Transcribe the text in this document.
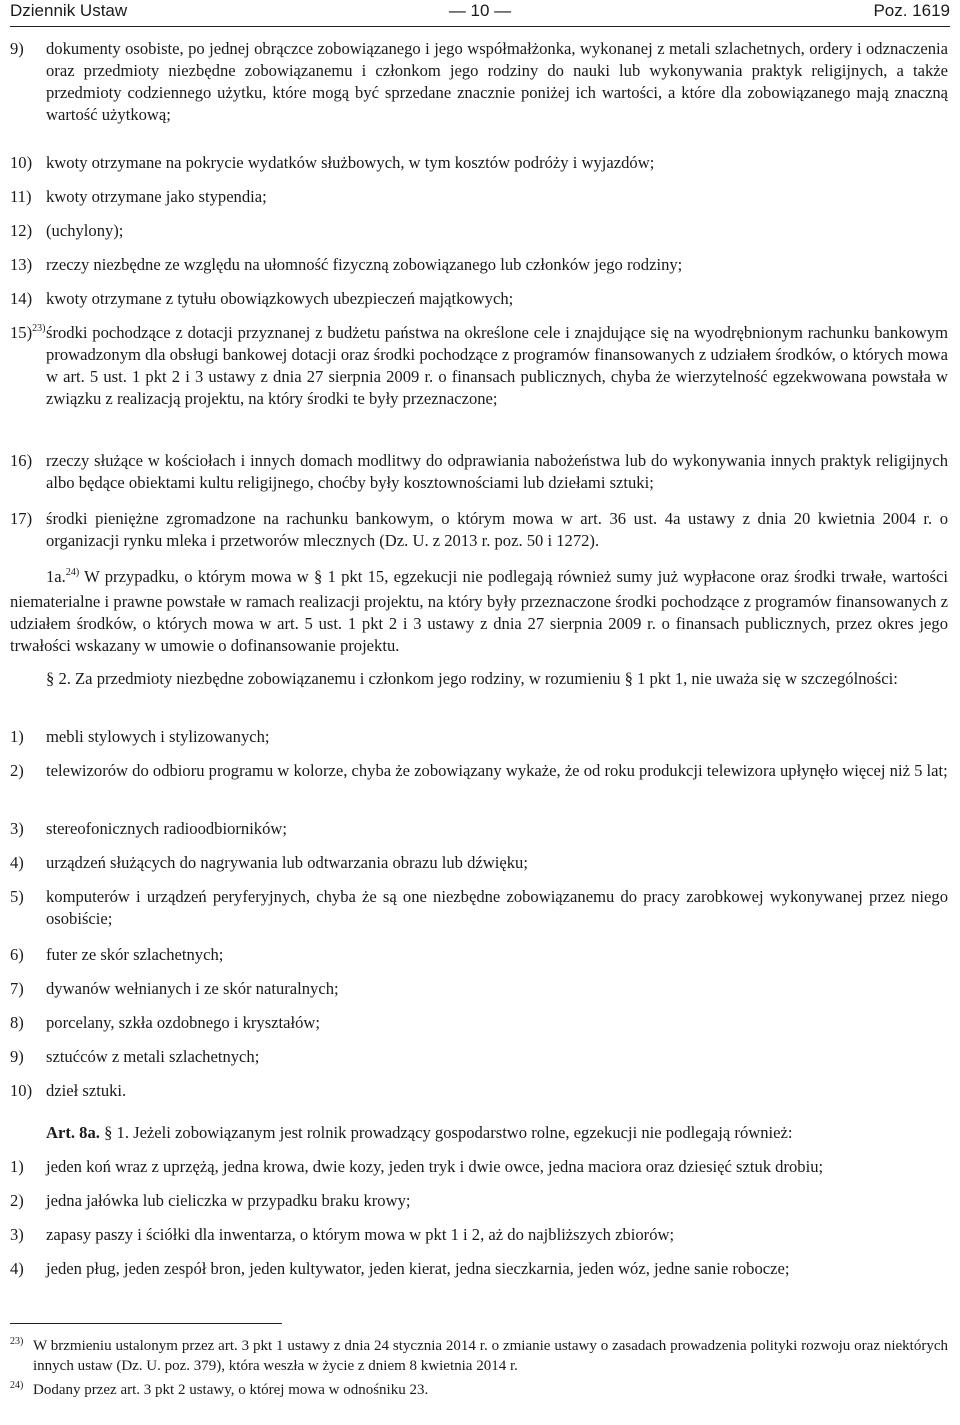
Dziennik Ustaw	— 10 —	Poz. 1619
9) dokumenty osobiste, po jednej obrączce zobowiązanego i jego współmałżonka, wykonanej z metali szlachetnych, ordery i odznaczenia oraz przedmioty niezbędne zobowiązanemu i członkom jego rodziny do nauki lub wykonywania praktyk religijnych, a także przedmioty codziennego użytku, które mogą być sprzedane znacznie poniżej ich wartości, a które dla zobowiązanego mają znaczną wartość użytkową;
10) kwoty otrzymane na pokrycie wydatków służbowych, w tym kosztów podróży i wyjazdów;
11) kwoty otrzymane jako stypendia;
12) (uchylony);
13) rzeczy niezbędne ze względu na ułomność fizyczną zobowiązanego lub członków jego rodziny;
14) kwoty otrzymane z tytułu obowiązkowych ubezpieczeń majątkowych;
15)$^{23)}$ środki pochodzące z dotacji przyznanej z budżetu państwa na określone cele i znajdujące się na wyodrębnionym rachunku bankowym prowadzonym dla obsługi bankowej dotacji oraz środki pochodzące z programów finansowanych z udziałem środków, o których mowa w art. 5 ust. 1 pkt 2 i 3 ustawy z dnia 27 sierpnia 2009 r. o finansach publicznych, chyba że wierzytelność egzekwowana powstała w związku z realizacją projektu, na który środki te były przeznaczone;
16) rzeczy służące w kościołach i innych domach modlitwy do odprawiania nabożeństwa lub do wykonywania innych praktyk religijnych albo będące obiektami kultu religijnego, choćby były kosztownościami lub dziełami sztuki;
17) środki pieniężne zgromadzone na rachunku bankowym, o którym mowa w art. 36 ust. 4a ustawy z dnia 20 kwietnia 2004 r. o organizacji rynku mleka i przetworów mlecznych (Dz. U. z 2013 r. poz. 50 i 1272).
1a.$^{24)}$ W przypadku, o którym mowa w § 1 pkt 15, egzekucji nie podlegają również sumy już wypłacone oraz środki trwałe, wartości niematerialne i prawne powstałe w ramach realizacji projektu, na który były przeznaczone środki pochodzące z programów finansowanych z udziałem środków, o których mowa w art. 5 ust. 1 pkt 2 i 3 ustawy z dnia 27 sierpnia 2009 r. o finansach publicznych, przez okres jego trwałości wskazany w umowie o dofinansowanie projektu.
§ 2. Za przedmioty niezbędne zobowiązanemu i członkom jego rodziny, w rozumieniu § 1 pkt 1, nie uważa się w szczególności:
1) mebli stylowych i stylizowanych;
2) telewizorów do odbioru programu w kolorze, chyba że zobowiązany wykaże, że od roku produkcji telewizora upłynęło więcej niż 5 lat;
3) stereofonicznych radioodbiorników;
4) urządzeń służących do nagrywania lub odtwarzania obrazu lub dźwięku;
5) komputerów i urządzeń peryferyjnych, chyba że są one niezbędne zobowiązanemu do pracy zarobkowej wykonywanej przez niego osobiście;
6) futer ze skór szlachetnych;
7) dywanów wełnianych i ze skór naturalnych;
8) porcelany, szkła ozdobnego i kryształów;
9) sztućców z metali szlachetnych;
10) dzieł sztuki.
Art. 8a. § 1. Jeżeli zobowiązanym jest rolnik prowadzący gospodarstwo rolne, egzekucji nie podlegają również:
1) jeden koń wraz z uprzężą, jedna krowa, dwie kozy, jeden tryk i dwie owce, jedna maciora oraz dziesięć sztuk drobiu;
2) jedna jałówka lub cieliczka w przypadku braku krowy;
3) zapasy paszy i ściółki dla inwentarza, o którym mowa w pkt 1 i 2, aż do najbliższych zbiorów;
4) jeden pług, jeden zespół bron, jeden kultywator, jeden kierat, jedna sieczkarnia, jeden wóz, jedne sanie robocze;
23) W brzmieniu ustalonym przez art. 3 pkt 1 ustawy z dnia 24 stycznia 2014 r. o zmianie ustawy o zasadach prowadzenia polityki rozwoju oraz niektórych innych ustaw (Dz. U. poz. 379), która weszła w życie z dniem 8 kwietnia 2014 r.
24) Dodany przez art. 3 pkt 2 ustawy, o której mowa w odnośniku 23.
